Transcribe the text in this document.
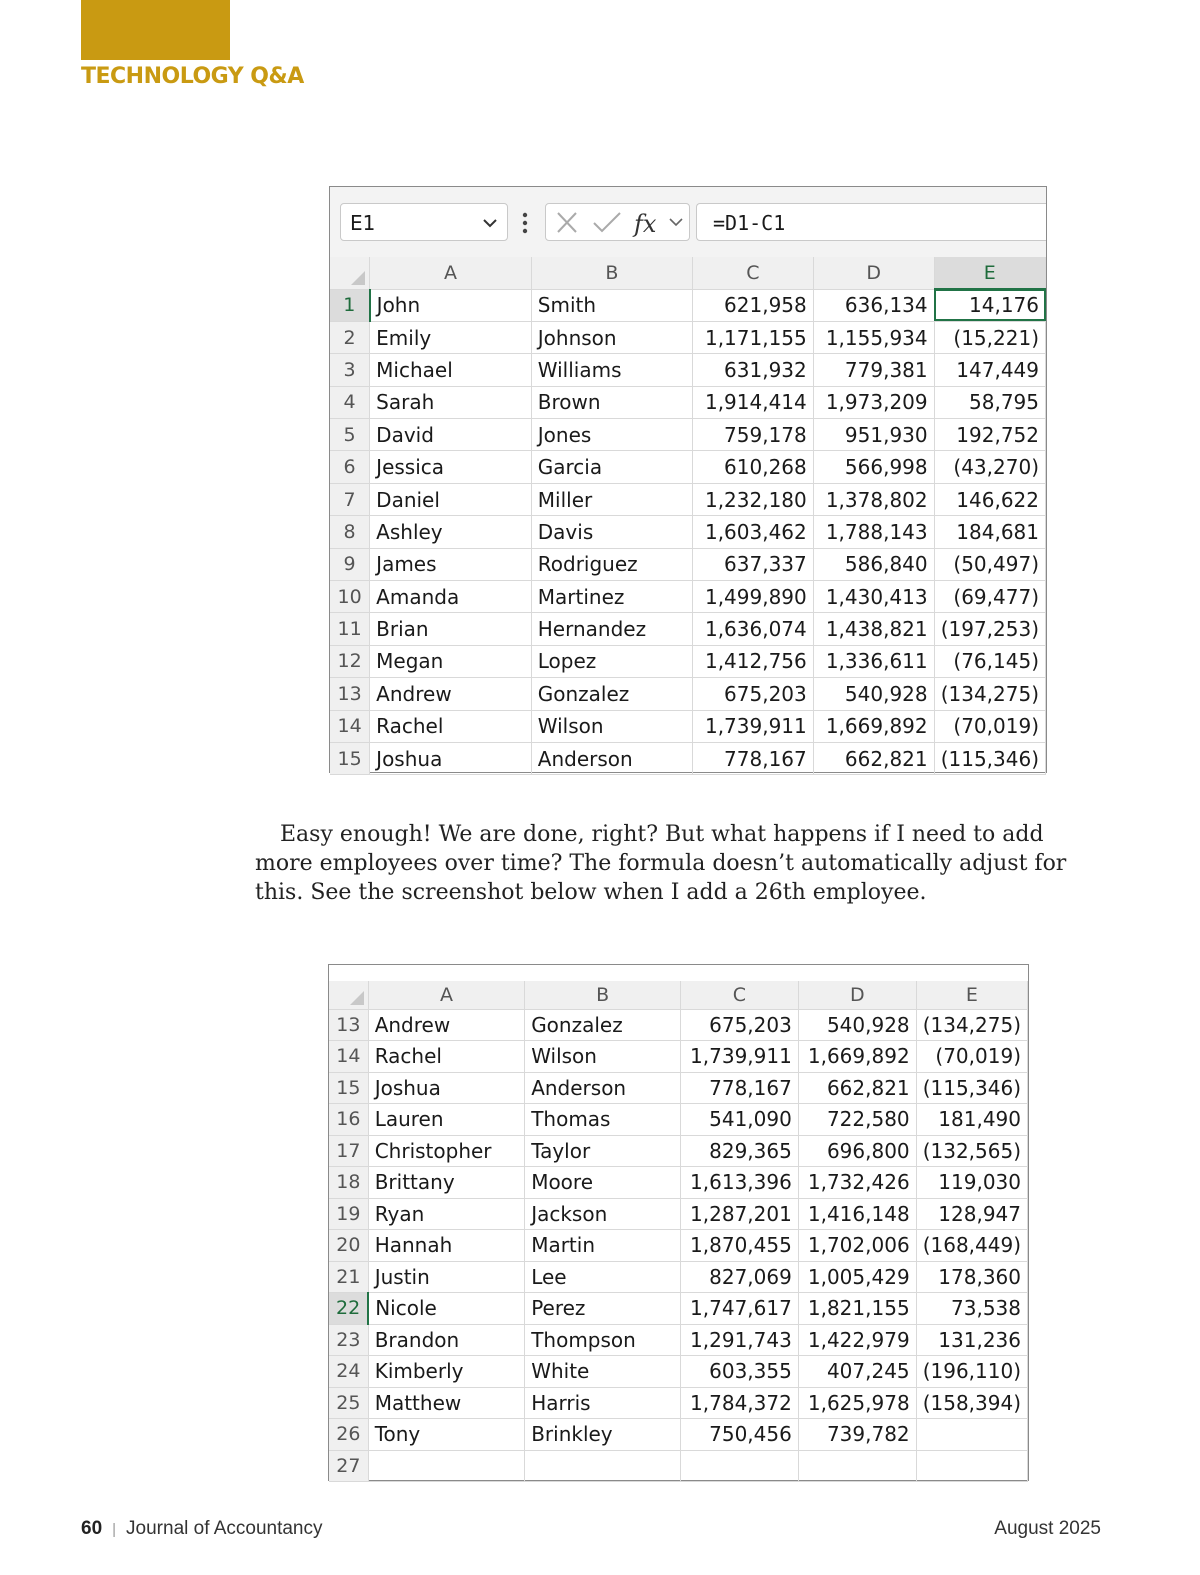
TECHNOLOGY Q&A
E1	fx	=D1-C1
	A	B	C	D	E
1	John	Smith	621,958	636,134	14,176
2	Emily	Johnson	1,171,155	1,155,934	(15,221)
3	Michael	Williams	631,932	779,381	147,449
4	Sarah	Brown	1,914,414	1,973,209	58,795
5	David	Jones	759,178	951,930	192,752
6	Jessica	Garcia	610,268	566,998	(43,270)
7	Daniel	Miller	1,232,180	1,378,802	146,622
8	Ashley	Davis	1,603,462	1,788,143	184,681
9	James	Rodriguez	637,337	586,840	(50,497)
10	Amanda	Martinez	1,499,890	1,430,413	(69,477)
11	Brian	Hernandez	1,636,074	1,438,821	(197,253)
12	Megan	Lopez	1,412,756	1,336,611	(76,145)
13	Andrew	Gonzalez	675,203	540,928	(134,275)
14	Rachel	Wilson	1,739,911	1,669,892	(70,019)
15	Joshua	Anderson	778,167	662,821	(115,346)

Easy enough! We are done, right? But what happens if I need to add more employees over time? The formula doesn’t automatically adjust for this. See the screenshot below when I add a 26th employee.

	A	B	C	D	E
13	Andrew	Gonzalez	675,203	540,928	(134,275)
14	Rachel	Wilson	1,739,911	1,669,892	(70,019)
15	Joshua	Anderson	778,167	662,821	(115,346)
16	Lauren	Thomas	541,090	722,580	181,490
17	Christopher	Taylor	829,365	696,800	(132,565)
18	Brittany	Moore	1,613,396	1,732,426	119,030
19	Ryan	Jackson	1,287,201	1,416,148	128,947
20	Hannah	Martin	1,870,455	1,702,006	(168,449)
21	Justin	Lee	827,069	1,005,429	178,360
22	Nicole	Perez	1,747,617	1,821,155	73,538
23	Brandon	Thompson	1,291,743	1,422,979	131,236
24	Kimberly	White	603,355	407,245	(196,110)
25	Matthew	Harris	1,784,372	1,625,978	(158,394)
26	Tony	Brinkley	750,456	739,782	
27					
60 | Journal of Accountancy	August 2025
